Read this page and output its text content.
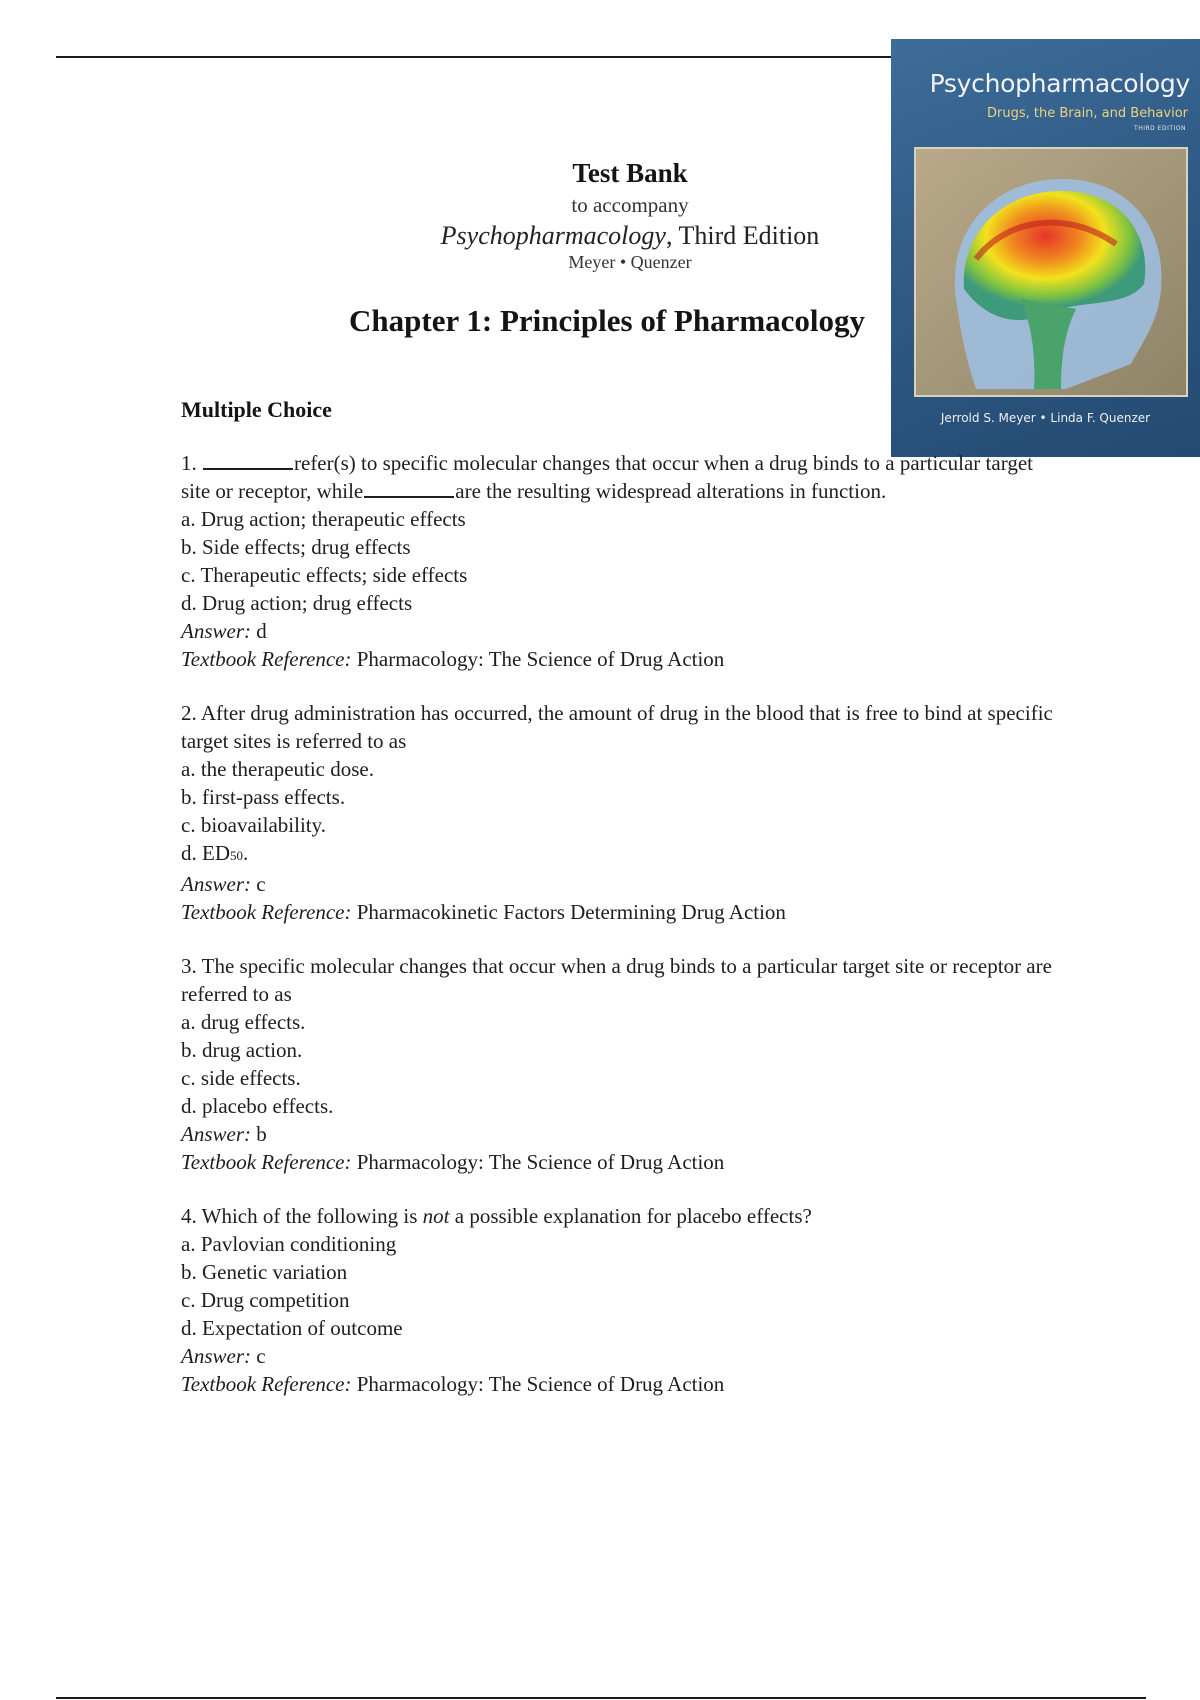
Psychopharmacology
Drugs, the Brain, and Behavior
THIRD EDITION
Jerrold S. Meyer • Linda F. Quenzer
Test Bank
to accompany
Psychopharmacology, Third Edition
Meyer • Quenzer
Chapter 1: Principles of Pharmacology
Multiple Choice

1.	refer(s) to specific molecular changes that occur when a drug binds to a particular target site or receptor, while	are the resulting widespread alterations in function.

a. Drug action; therapeutic effects

b. Side effects; drug effects

c. Therapeutic effects; side effects

d. Drug action; drug effects

Answer: d

Textbook Reference: Pharmacology: The Science of Drug Action

2. After drug administration has occurred, the amount of drug in the blood that is free to bind at specific target sites is referred to as

a. the therapeutic dose.

b. first-pass effects.

c. bioavailability.

d. ED50.

Answer: c

Textbook Reference: Pharmacokinetic Factors Determining Drug Action

3. The specific molecular changes that occur when a drug binds to a particular target site or receptor are referred to as

a. drug effects.

b. drug action.

c. side effects.

d. placebo effects.

Answer: b

Textbook Reference: Pharmacology: The Science of Drug Action

4. Which of the following is not a possible explanation for placebo effects?

a. Pavlovian conditioning

b. Genetic variation

c. Drug competition

d. Expectation of outcome

Answer: c

Textbook Reference: Pharmacology: The Science of Drug Action
